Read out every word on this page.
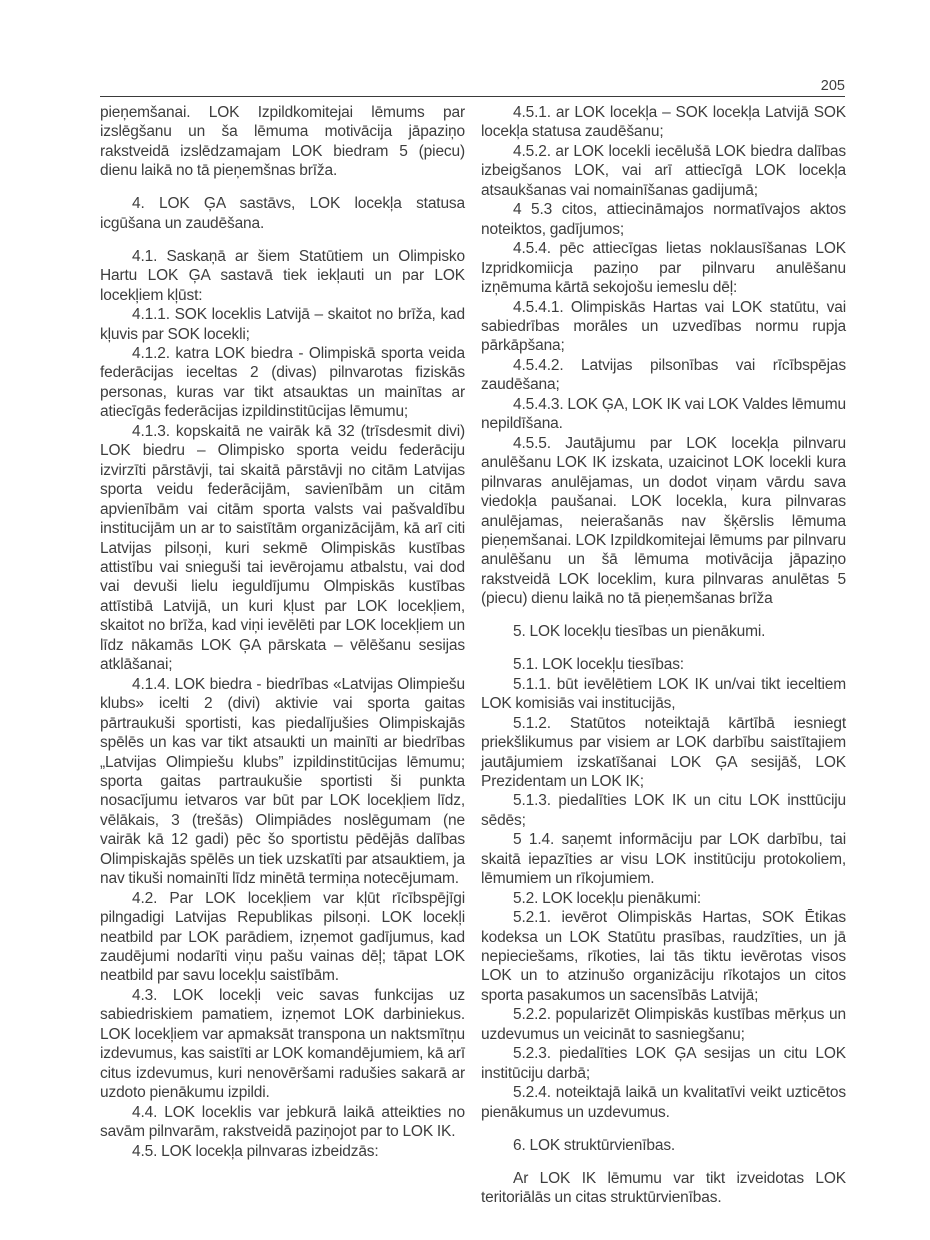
205

pieņemšanai. LOK Izpildkomitejai lēmums par izslēgšanu un ša lēmuma motivācija jāpaziņo rakstveidā izslēdzamajam LOK biedram 5 (piecu) dienu laikā no tā pieņemšnas brīža.

4. LOK ĢA sastāvs, LOK locekļa statusa icgūšana un zaudēšana.

4.1. Saskaņā ar šiem Statūtiem un Olimpisko Hartu LOK ĢA sastavā tiek iekļauti un par LOK locekļiem kļūst:

4.1.1. SOK loceklis Latvijā – skaitot no brīža, kad kļuvis par SOK locekli;

4.1.2. katra LOK biedra - Olimpiskā sporta veida federācijas ieceltas 2 (divas) pilnvarotas fiziskās personas, kuras var tikt atsauktas un mainītas ar atiecīgās federācijas izpildinstitūcijas lēmumu;

4.1.3. kopskaitā ne vairāk kā 32 (trīsdesmit divi) LOK biedru – Olimpisko sporta veidu federāciju izvirzīti pārstāvji, tai skaitā pārstāvji no citām Latvijas sporta veidu federācijām, savienībām un citām apvienībām vai citām sporta valsts vai pašvaldību institucijām un ar to saistītām organizācijām, kā arī citi Latvijas pilsoņi, kuri sekmē Olimpiskās kustības attistību vai snieguši tai ievērojamu atbalstu, vai dod vai devuši lielu ieguldījumu Olmpiskās kustības attīstibā Latvijā, un kuri kļust par LOK locekļiem, skaitot no brīža, kad viņi ievēlēti par LOK locekļiem un līdz nākamās LOK ĢA pārskata – vēlēšanu sesijas atklāšanai;

4.1.4. LOK biedra - biedrības «Latvijas Olimpiešu klubs» icelti 2 (divi) aktivie vai sporta gaitas pārtraukuši sportisti, kas piedalījušies Olimpiskajās spēlēs un kas var tikt atsaukti un mainīti ar biedrības „Latvijas Olimpiešu klubs” izpildinstitūcijas lēmumu; sporta gaitas partraukušie sportisti ši punkta nosacījumu ietvaros var būt par LOK locekļiem līdz, vēlākais, 3 (trešās) Olimpiādes noslēgumam (ne vairāk kā 12 gadi) pēc šo sportistu pēdējās dalības Olimpiskajās spēlēs un tiek uzskatīti par atsauktiem, ja nav tikuši nomainīti līdz minētā termiņa notecējumam.

4.2. Par LOK locekļiem var kļūt rīcībspējīgi pilngadigi Latvijas Republikas pilsoņi. LOK locekļi neatbild par LOK parādiem, izņemot gadījumus, kad zaudējumi nodarīti viņu pašu vainas dēļ; tāpat LOK neatbild par savu locekļu saistībām.

4.3. LOK locekļi veic savas funkcijas uz sabiedriskiem pamatiem, izņemot LOK darbiniekus. LOK locekļiem var apmaksāt transpona un naktsmītņu izdevumus, kas saistīti ar LOK komandējumiem, kā arī citus izdevumus, kuri nenovēršami radušies sakarā ar uzdoto pienākumu izpildi.

4.4. LOK loceklis var jebkurā laikā atteikties no savām pilnvarām, rakstveidā paziņojot par to LOK IK.

4.5. LOK locekļa pilnvaras izbeidzās:

4.5.1. ar LOK locekļa – SOK locekļa Latvijā SOK locekļa statusa zaudēšanu;

4.5.2. ar LOK locekli iecēlušā LOK biedra dalības izbeigšanos LOK, vai arī attiecīgā LOK locekļa atsaukšanas vai nomainīšanas gadijumā;

4 5.3 citos, attiecināmajos normatīvajos aktos noteiktos, gadījumos;

4.5.4. pēc attiecīgas lietas noklausīšanas LOK Izpridkomiicja paziņo par pilnvaru anulēšanu izņēmuma kārtā sekojošu iemeslu dēļ:

4.5.4.1. Olimpiskās Hartas vai LOK statūtu, vai sabiedrības morāles un uzvedības normu rupja pārkāpšana;

4.5.4.2. Latvijas pilsonības vai rīcībspējas zaudēšana;

4.5.4.3. LOK ĢA, LOK IK vai LOK Valdes lēmumu nepildīšana.

4.5.5. Jautājumu par LOK locekļa pilnvaru anulēšanu LOK IK izskata, uzaicinot LOK locekli kura pilnvaras anulējamas, un dodot viņam vārdu sava viedokļa paušanai. LOK locekla, kura pilnvaras anulējamas, neierašanās nav šķērslis lēmuma pieņemšanai. LOK Izpildkomitejai lēmums par pilnvaru anulēšanu un šā lēmuma motivācija jāpaziņo rakstveidā LOK loceklim, kura pilnvaras anulētas 5 (piecu) dienu laikā no tā pieņemšanas brīža

5. LOK locekļu tiesības un pienākumi.

5.1. LOK locekļu tiesības:

5.1.1. būt ievēlētiem LOK IK un/vai tikt ieceltiem LOK komisiās vai institucijās,

5.1.2. Statūtos noteiktajā kārtībā iesniegt priekšlikumus par visiem ar LOK darbību saistītajiem jautājumiem izskatīšanai LOK ĢA sesijāš, LOK Prezidentam un LOK IK;

5.1.3. piedalīties LOK IK un citu LOK insttūciju sēdēs;

5 1.4. saņemt informāciju par LOK darbību, tai skaitā iepazīties ar visu LOK institūciju protokoliem, lēmumiem un rīkojumiem.

5.2. LOK locekļu pienākumi:

5.2.1. ievērot Olimpiskās Hartas, SOK Ētikas kodeksa un LOK Statūtu prasības, raudzīties, un jā nepieciešams, rīkoties, lai tās tiktu ievērotas visos LOK un to atzinušo organizāciju rīkotajos un citos sporta pasakumos un sacensībās Latvijā;

5.2.2. popularizēt Olimpiskās kustības mērķus un uzdevumus un veicināt to sasniegšanu;

5.2.3. piedalīties LOK ĢA sesijas un citu LOK institūciju darbā;

5.2.4. noteiktajā laikā un kvalitatīvi veikt uzticētos pienākumus un uzdevumus.

6. LOK struktūrvienības.

Ar LOK IK lēmumu var tikt izveidotas LOK teritoriālās un citas struktūrvienības.
